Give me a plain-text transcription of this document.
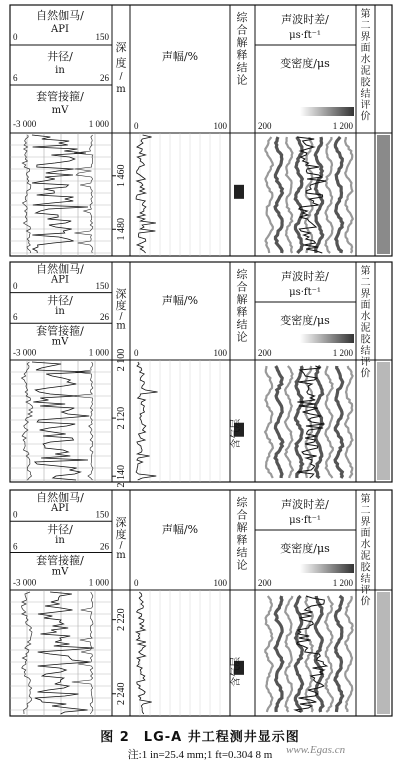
自然伽马/
API
0	150
井径/
in
6	26
套管接箍/
mV
-3 000	1 000
深
度
/
m
声幅/%
0	100
综
合
解
释
结
论
声波时差/
μs·ft⁻¹
变密度/μs
200	1 200
第
二
界
面
水
泥
胶
结
评
价
1 460
1 480
自然伽马/
API
0	150
井径/
in
6	26
套管接箍/
mV
-3 000	1 000
深
度
/
m
声幅/%
0	100
综
合
解
释
结
论
声波时差/
μs·ft⁻¹
变密度/μs
200	1 200
第
二
界
面
水
泥
胶
结
评
价
2 100
2 120
2 140
含气层
自然伽马/
API
0	150
井径/
in
6	26
套管接箍/
mV
-3 000	1 000
深
度
/
m
声幅/%
0	100
综
合
解
释
结
论
声波时差/
μs·ft⁻¹
变密度/μs
200	1 200
第
二
界
面
水
泥
胶
结
评
价
2 220
2 240
含气层
图 2　LG-A 井工程测井显示图
注:1 in=25.4 mm;1 ft=0.304 8 m	www.Egas.cn
